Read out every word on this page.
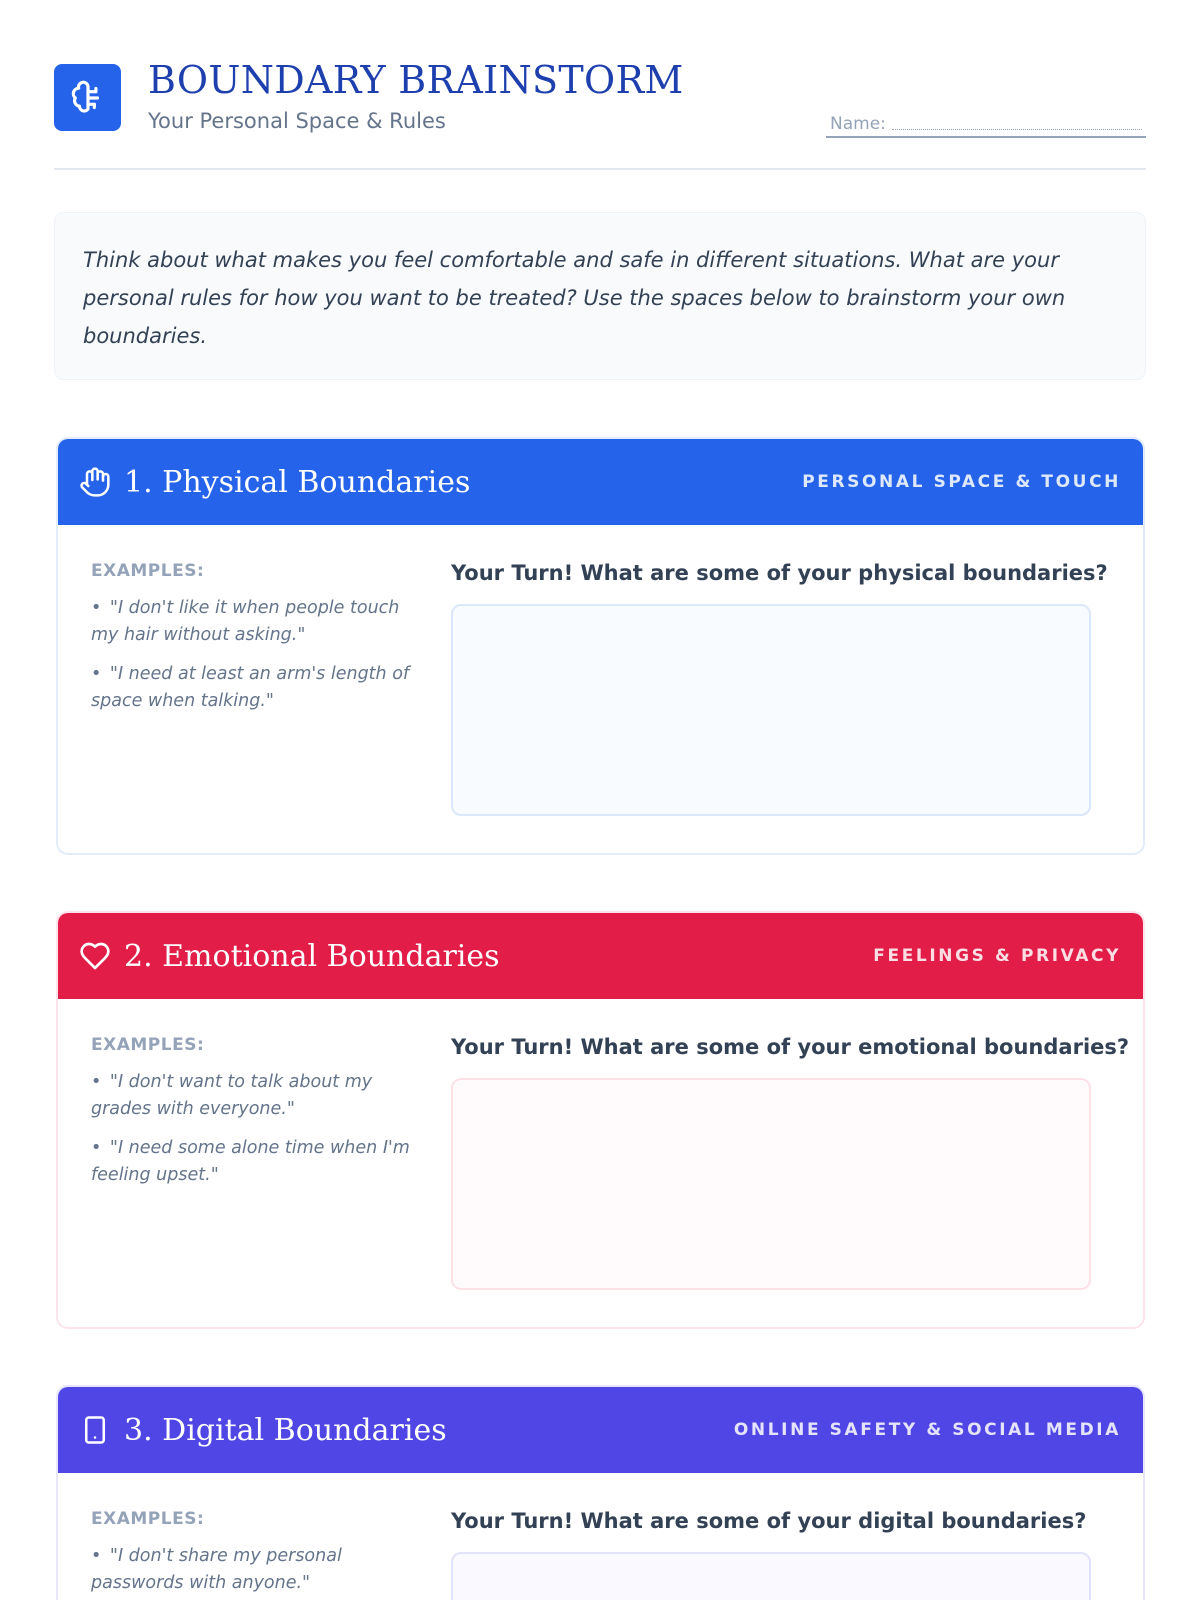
BOUNDARY BRAINSTORM
Your Personal Space & Rules	Name:

Think about what makes you feel comfortable and safe in different situations. What are your personal rules for how you want to be treated? Use the spaces below to brainstorm your own boundaries.

1. Physical Boundaries	PERSONAL SPACE & TOUCH
EXAMPLES:
• "I don't like it when people touch my hair without asking."
• "I need at least an arm's length of space when talking."
Your Turn! What are some of your physical boundaries?
2. Emotional Boundaries	FEELINGS & PRIVACY
EXAMPLES:
• "I don't want to talk about my grades with everyone."
• "I need some alone time when I'm feeling upset."
Your Turn! What are some of your emotional boundaries?
3. Digital Boundaries	ONLINE SAFETY & SOCIAL MEDIA
EXAMPLES:
• "I don't share my personal passwords with anyone."
Your Turn! What are some of your digital boundaries?
